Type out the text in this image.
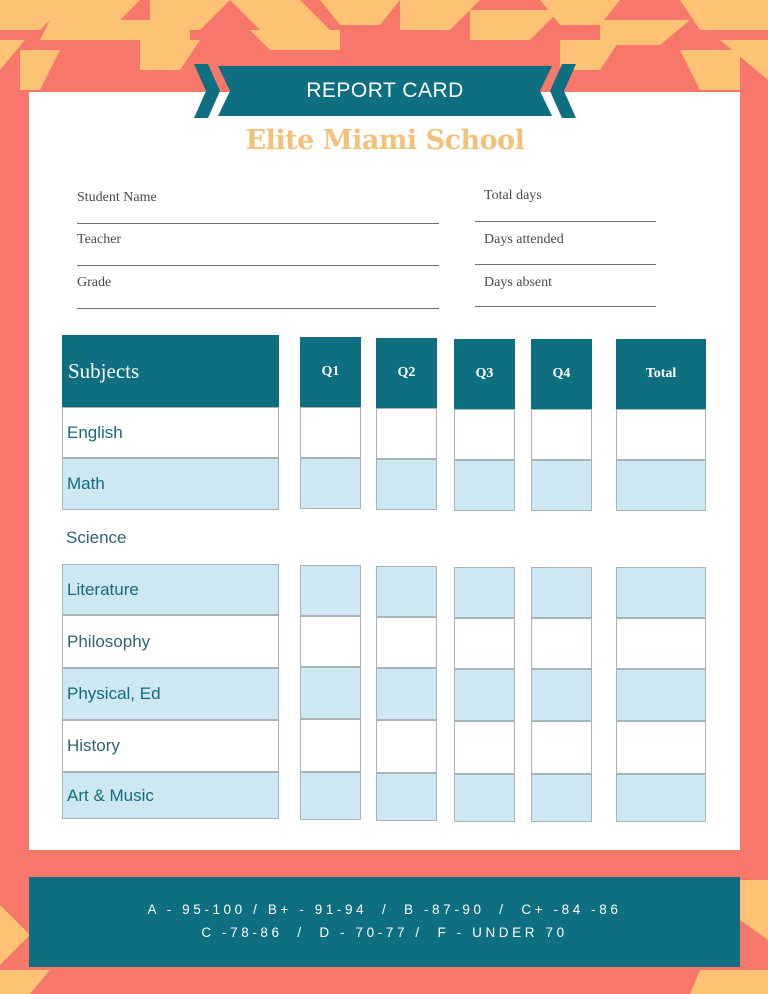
REPORT CARD
Elite Miami School
Student Name
Teacher
Grade
Total days
Days attended
Days absent
Subjects	Q1	Q2	Q3	Q4	Total
English
Math
Science
Literature
Philosophy
Physical, Ed
History
Art & Music
A - 95-100 / B+ - 91-94  /  B -87-90  /  C+ -84 -86
C -78-86  /  D - 70-77 /  F - UNDER 70
